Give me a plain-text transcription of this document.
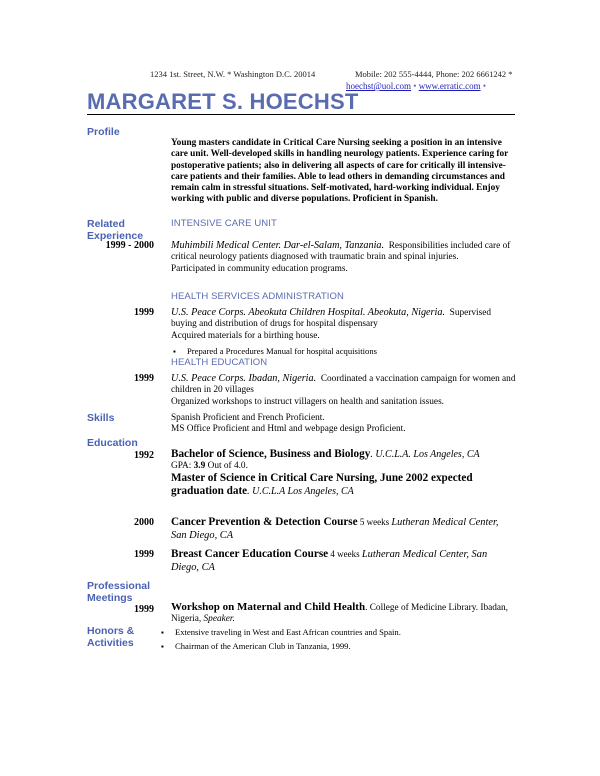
1234 1st. Street, N.W. * Washington D.C. 20014	Mobile: 202 555-4444, Phone: 202 6661242 *
hoechst@uol.com • www.erratic.com •
MARGARET S. HOECHST
Profile

Young masters candidate in Critical Care Nursing seeking a position in an intensive care unit. Well-developed skills in handling neurology patients. Experience caring for postoperative patients; also in delivering all aspects of care for critically ill intensive-care patients and their families. Able to lead others in demanding circumstances and remain calm in stressful situations. Self-motivated, hard-working individual. Enjoy working with public and diverse populations. Proficient in Spanish.

Related Experience
INTENSIVE CARE UNIT
1999 - 2000 Muhimbili Medical Center. Dar-el-Salam, Tanzania. Responsibilities included care of critical neurology patients diagnosed with traumatic brain and spinal injuries.

Participated in community education programs.

HEALTH SERVICES ADMINISTRATION
1999 U.S. Peace Corps. Abeokuta Children Hospital. Abeokuta, Nigeria. Supervised buying and distribution of drugs for hospital dispensary

Acquired materials for a birthing house.

▪ Prepared a Procedures Manual for hospital acquisitions

HEALTH EDUCATION
1999 U.S. Peace Corps. Ibadan, Nigeria. Coordinated a vaccination campaign for women and children in 20 villages

Organized workshops to instruct villagers on health and sanitation issues.

Skills	Spanish Proficient and French Proficient.

MS Office Proficient and Html and webpage design Proficient.

Education
1992 Bachelor of Science, Business and Biology. U.C.L.A. Los Angeles, CA

GPA: 3.9 Out of 4.0.

Master of Science in Critical Care Nursing, June 2002 expected graduation date. U.C.L.A Los Angeles, CA

2000 Cancer Prevention & Detection Course 5 weeks Lutheran Medical Center, San Diego, CA
1999 Breast Cancer Education Course 4 weeks Lutheran Medical Center, San Diego, CA
Professional Meetings
1999 Workshop on Maternal and Child Health. College of Medicine Library. Ibadan, Nigeria, Speaker.
Honors & Activities

▪ Extensive traveling in West and East African countries and Spain.

▪ Chairman of the American Club in Tanzania, 1999.
